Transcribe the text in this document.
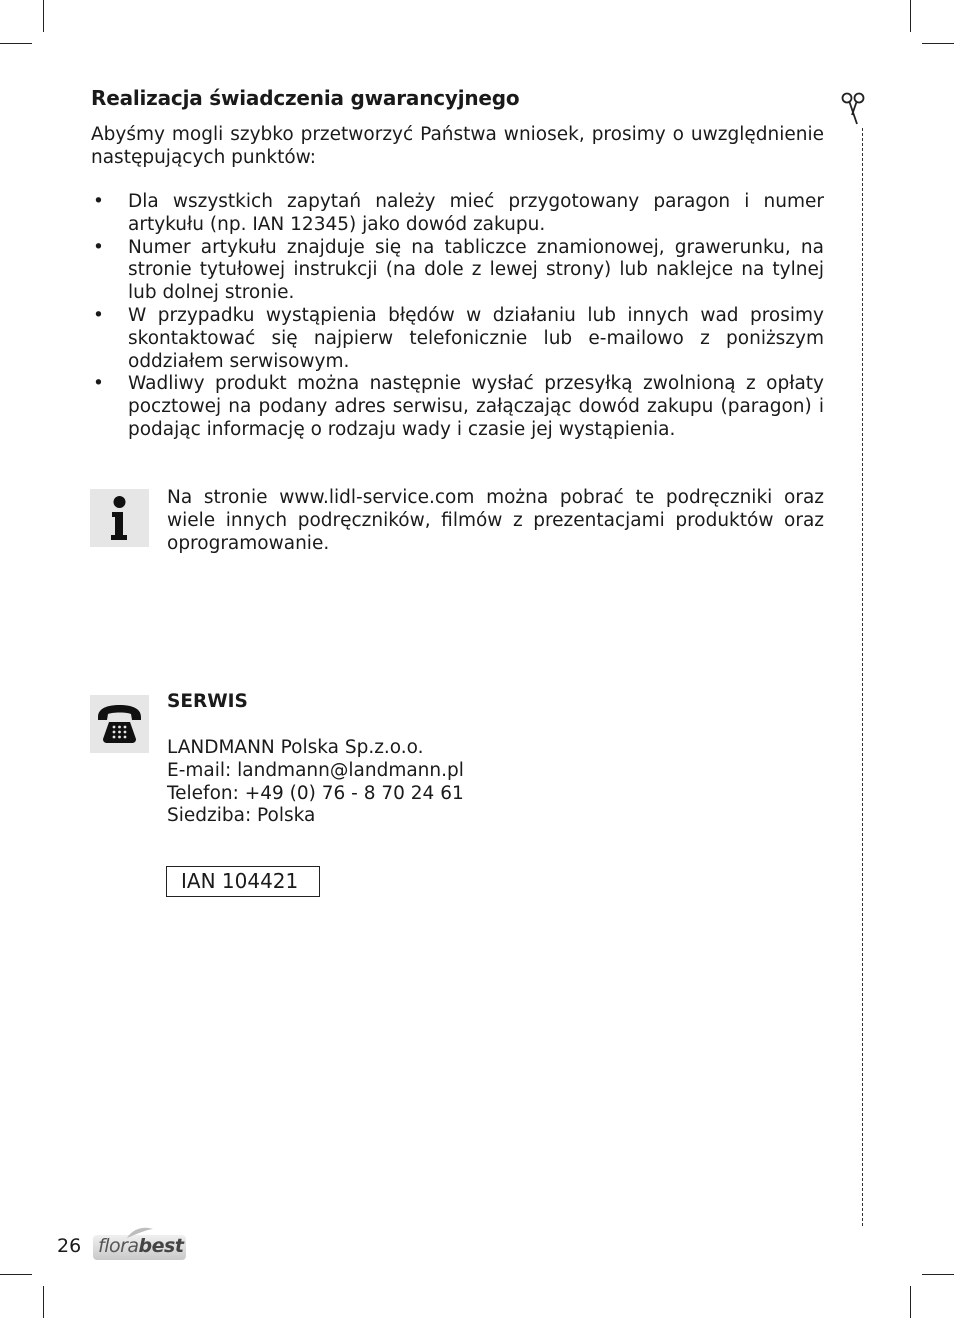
Realizacja świadczenia gwarancyjnego
Abyśmy mogli szybko przetworzyć Państwa wniosek, prosimy o uwzględnienie następujących punktów:
• Dla wszystkich zapytań należy mieć przygotowany paragon i numer artykułu (np. IAN 12345) jako dowód zakupu.
• Numer artykułu znajduje się na tabliczce znamionowej, grawerunku, na stronie tytułowej instrukcji (na dole z lewej strony) lub naklejce na tylnej lub dolnej stronie.
• W przypadku wystąpienia błędów w działaniu lub innych wad prosimy skontaktować się najpierw telefonicznie lub e-mailowo z poniższym oddziałem serwisowym.
• Wadliwy produkt można następnie wysłać przesyłką zwolnioną z opłaty pocztowej na podany adres serwisu, załączając dowód zakupu (paragon) i podając informację o rodzaju wady i czasie jej wystąpienia.
Na stronie www.lidl-service.com można pobrać te podręczniki oraz wiele innych podręczników, filmów z prezentacjami produktów oraz oprogramowanie.
SERWIS
LANDMANN Polska Sp.z.o.o.
E-mail: landmann@landmann.pl
Telefon: +49 (0) 76 - 8 70 24 61
Siedziba: Polska
IAN 104421
26 florabest
